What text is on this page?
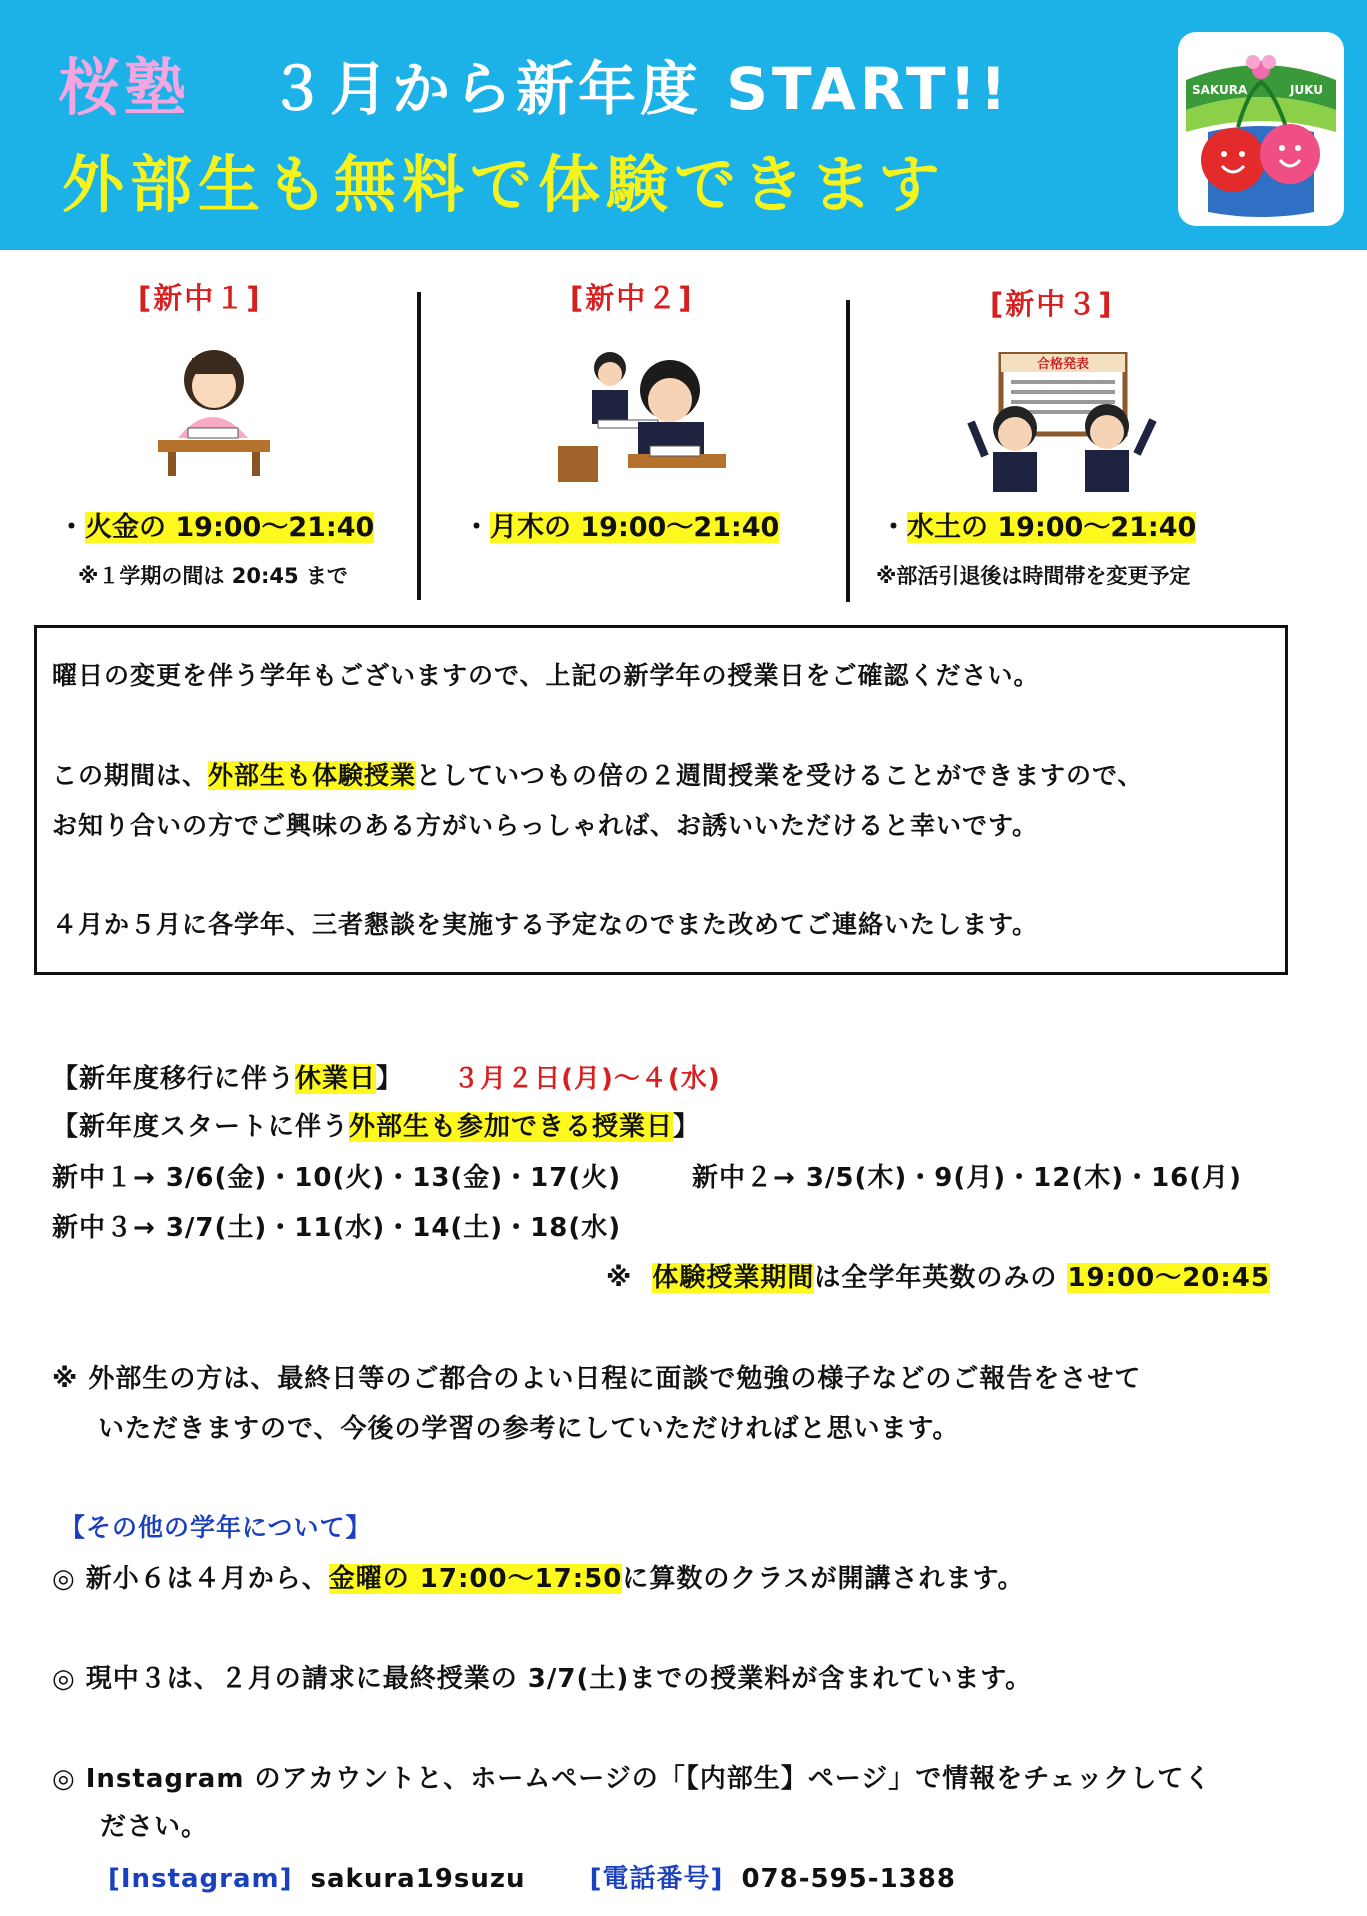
桜塾 ３月から新年度 START!!
外部生も無料で体験できます
SAKURA	JUKU
[新中１]
・火金の 19:00～21:40
※１学期の間は 20:45 まで
[新中２]
・月木の 19:00～21:40
[新中３]
合格発表
・水土の 19:00～21:40
※部活引退後は時間帯を変更予定
曜日の変更を伴う学年もございますので、上記の新学年の授業日をご確認ください。
この期間は、外部生も体験授業としていつもの倍の２週間授業を受けることができますので、
お知り合いの方でご興味のある方がいらっしゃれば、お誘いいただけると幸いです。
４月か５月に各学年、三者懇談を実施する予定なのでまた改めてご連絡いたします。
【新年度移行に伴う休業日】 ３月２日(月)～４(水)
【新年度スタートに伴う外部生も参加できる授業日】
新中１→ 3/6(金)・10(火)・13(金)・17(火)	新中２→ 3/5(木)・9(月)・12(木)・16(月)
新中３→ 3/7(土)・11(水)・14(土)・18(水)
※ 体験授業期間は全学年英数のみの 19:00～20:45
※ 外部生の方は、最終日等のご都合のよい日程に面談で勉強の様子などのご報告をさせて
いただきますので、今後の学習の参考にしていただければと思います。
【その他の学年について】
◎ 新小６は４月から、金曜の 17:00～17:50に算数のクラスが開講されます。
◎ 現中３は、２月の請求に最終授業の 3/7(土)までの授業料が含まれています。
◎ Instagram のアカウントと、ホームページの「【内部生】ページ」で情報をチェックしてく
ださい。
[Instagram] sakura19suzu [電話番号] 078-595-1388
